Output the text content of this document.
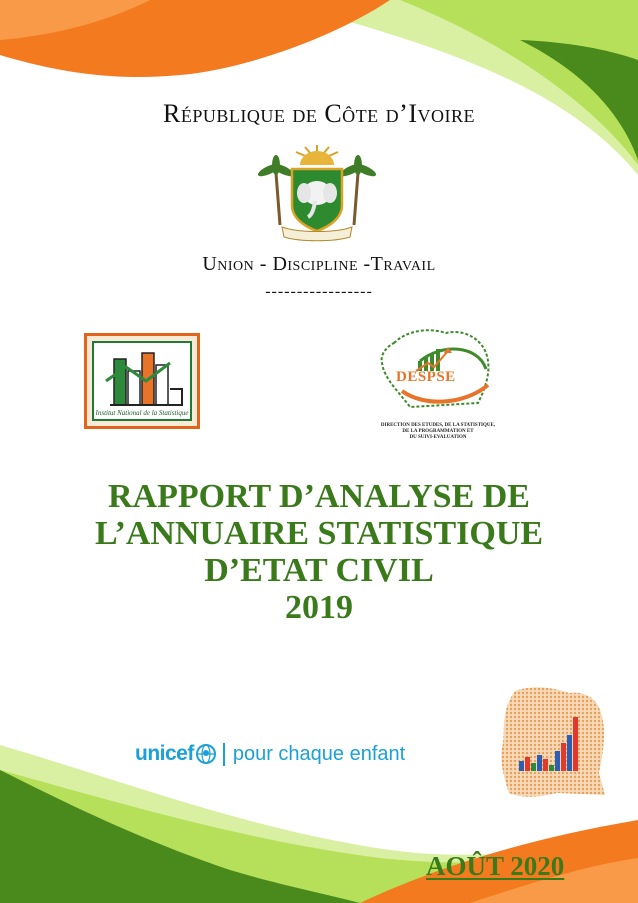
République de Côte d’Ivoire
Union - Discipline -Travail
-----------------
Institut National de la Statistique
DESPSE
DIRECTION DES ETUDES, DE LA STATISTIQUE,
DE LA PROGRAMMATION ET
DU SUIVI-EVALUATION
RAPPORT D’ANALYSE DE
L’ANNUAIRE STATISTIQUE
D’ETAT CIVIL
2019
unicef	pour chaque enfant
AOÛT 2020
